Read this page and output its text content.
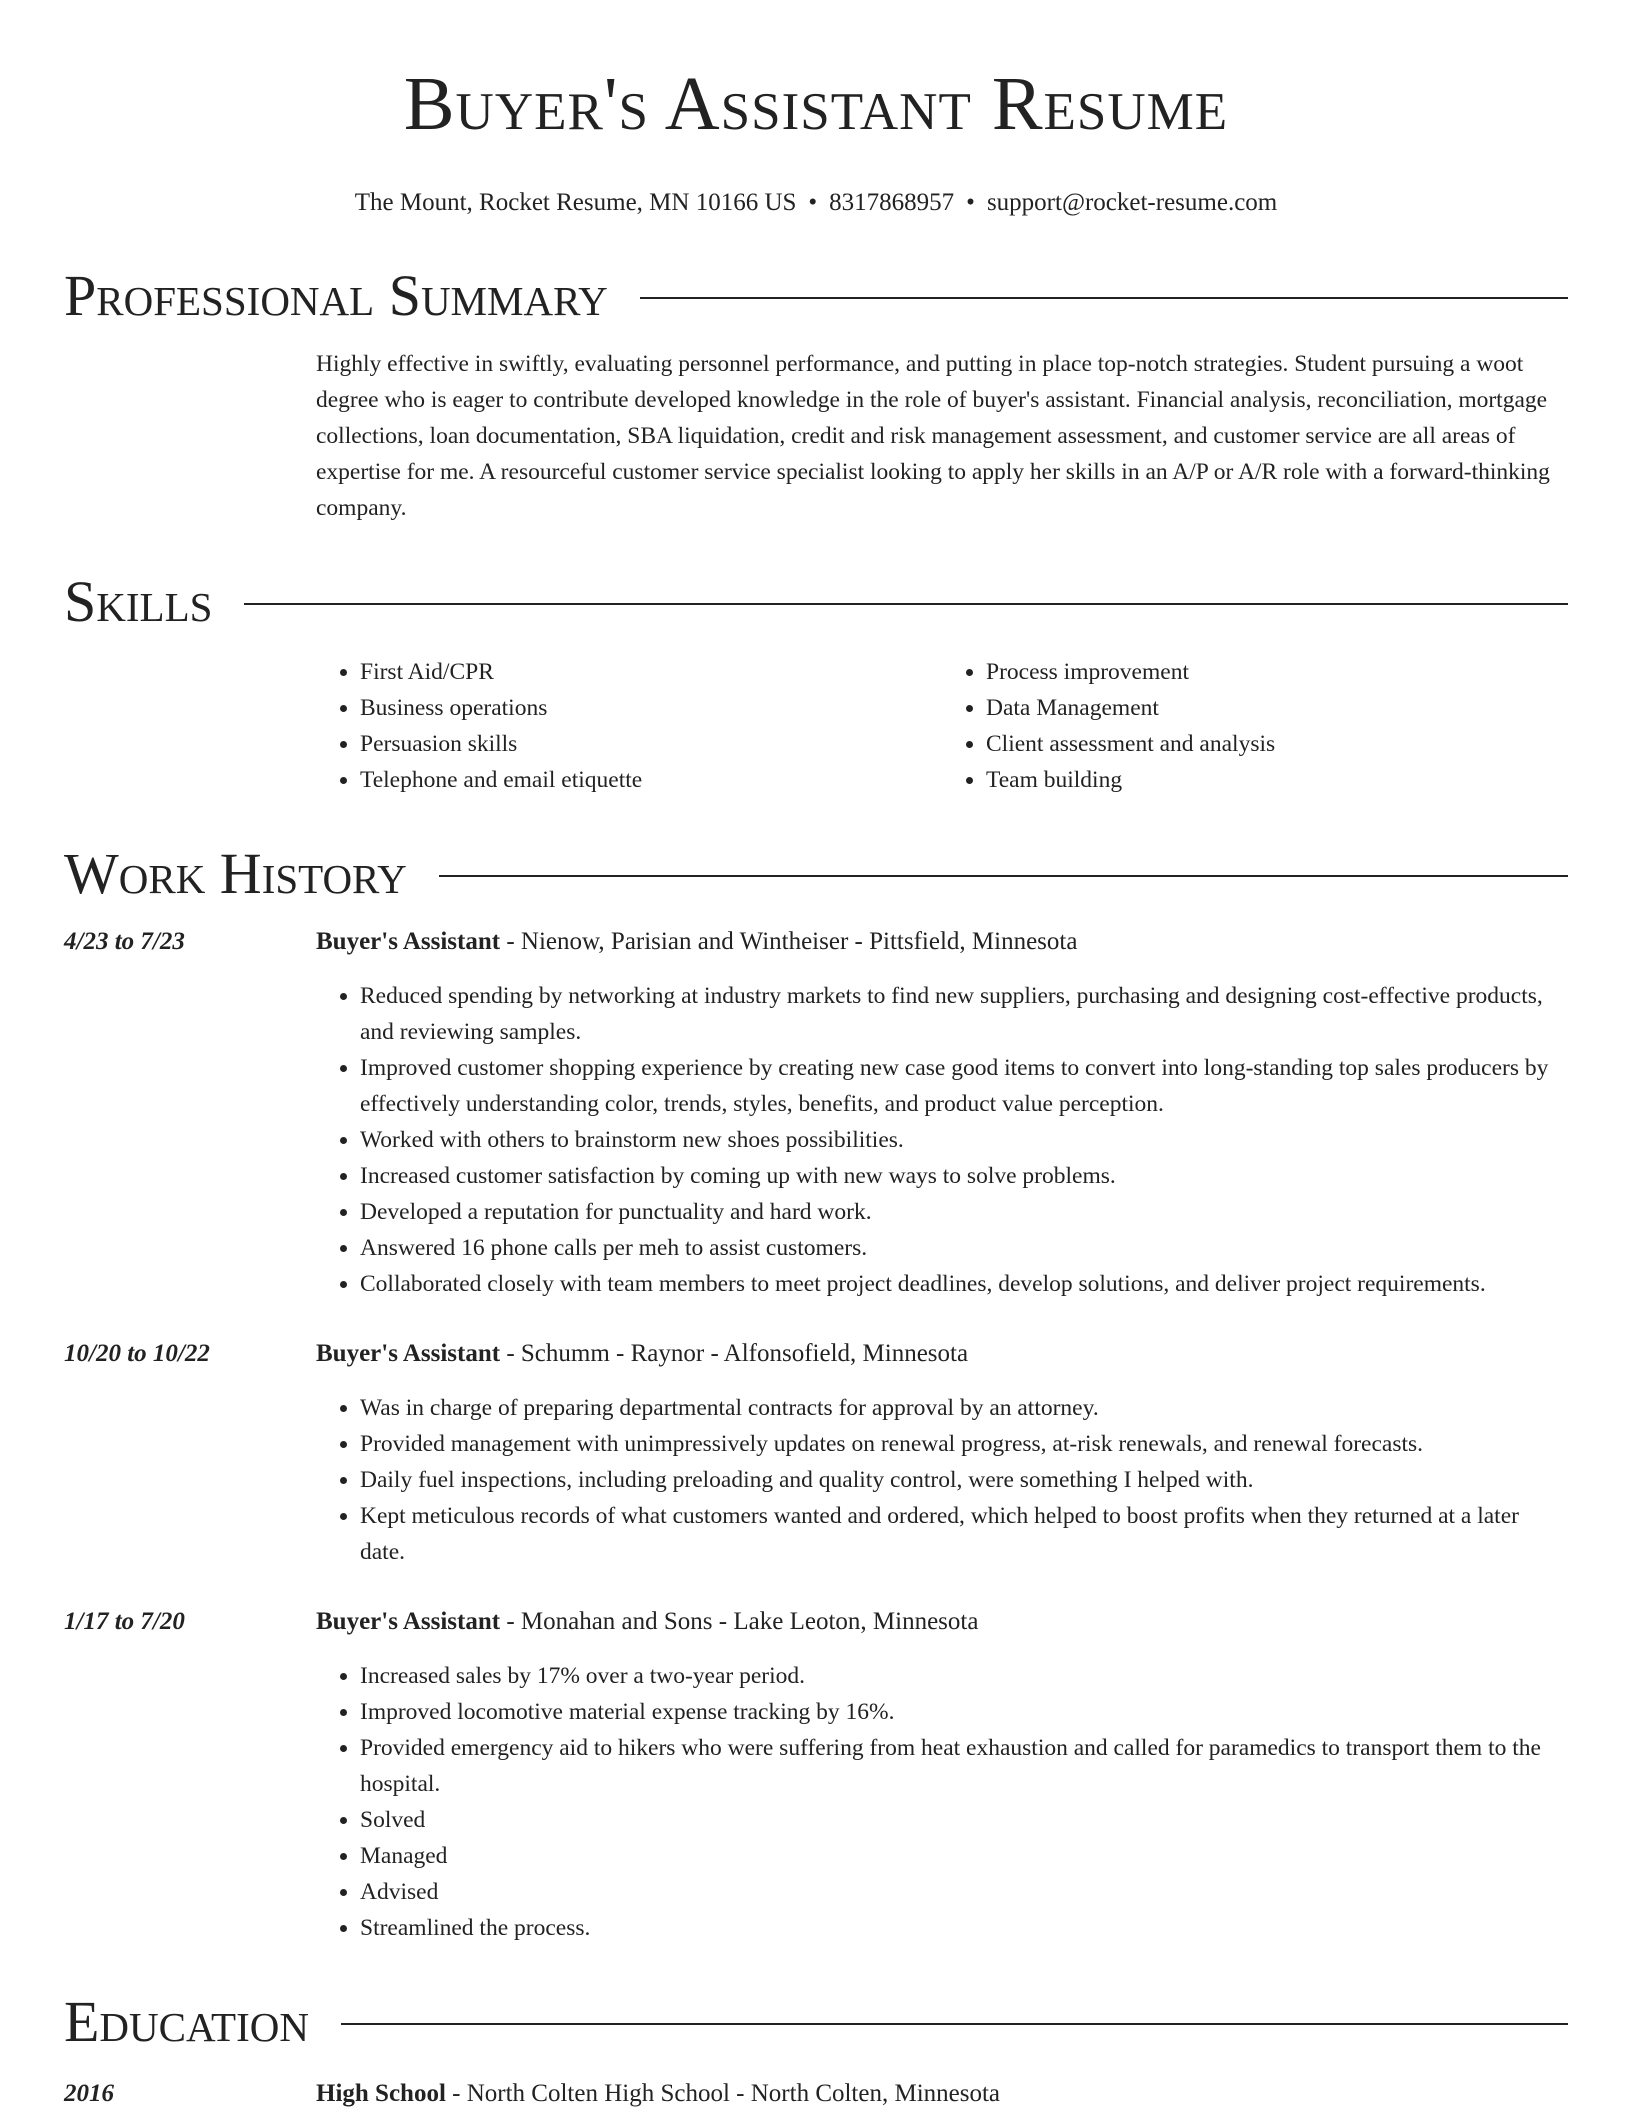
Buyer's Assistant Resume
The Mount, Rocket Resume, MN 10166 US • 8317868957 • support@rocket-resume.com
Professional Summary
Highly effective in swiftly, evaluating personnel performance, and putting in place top-notch strategies. Student pursuing a woot degree who is eager to contribute developed knowledge in the role of buyer's assistant. Financial analysis, reconciliation, mortgage collections, loan documentation, SBA liquidation, credit and risk management assessment, and customer service are all areas of expertise for me. A resourceful customer service specialist looking to apply her skills in an A/P or A/R role with a forward-thinking company.
Skills
• First Aid/CPR
• Business operations
• Persuasion skills
• Telephone and email etiquette
• Process improvement
• Data Management
• Client assessment and analysis
• Team building
Work History
4/23 to 7/23	Buyer's Assistant - Nienow, Parisian and Wintheiser - Pittsfield, Minnesota
• Reduced spending by networking at industry markets to find new suppliers, purchasing and designing cost-effective products, and reviewing samples.
• Improved customer shopping experience by creating new case good items to convert into long-standing top sales producers by effectively understanding color, trends, styles, benefits, and product value perception.
• Worked with others to brainstorm new shoes possibilities.
• Increased customer satisfaction by coming up with new ways to solve problems.
• Developed a reputation for punctuality and hard work.
• Answered 16 phone calls per meh to assist customers.
• Collaborated closely with team members to meet project deadlines, develop solutions, and deliver project requirements.
10/20 to 10/22	Buyer's Assistant - Schumm - Raynor - Alfonsofield, Minnesota
• Was in charge of preparing departmental contracts for approval by an attorney.
• Provided management with unimpressively updates on renewal progress, at-risk renewals, and renewal forecasts.
• Daily fuel inspections, including preloading and quality control, were something I helped with.
• Kept meticulous records of what customers wanted and ordered, which helped to boost profits when they returned at a later date.
1/17 to 7/20	Buyer's Assistant - Monahan and Sons - Lake Leoton, Minnesota
• Increased sales by 17% over a two-year period.
• Improved locomotive material expense tracking by 16%.
• Provided emergency aid to hikers who were suffering from heat exhaustion and called for paramedics to transport them to the hospital.
• Solved
• Managed
• Advised
• Streamlined the process.
Education
2016	High School - North Colten High School - North Colten, Minnesota
